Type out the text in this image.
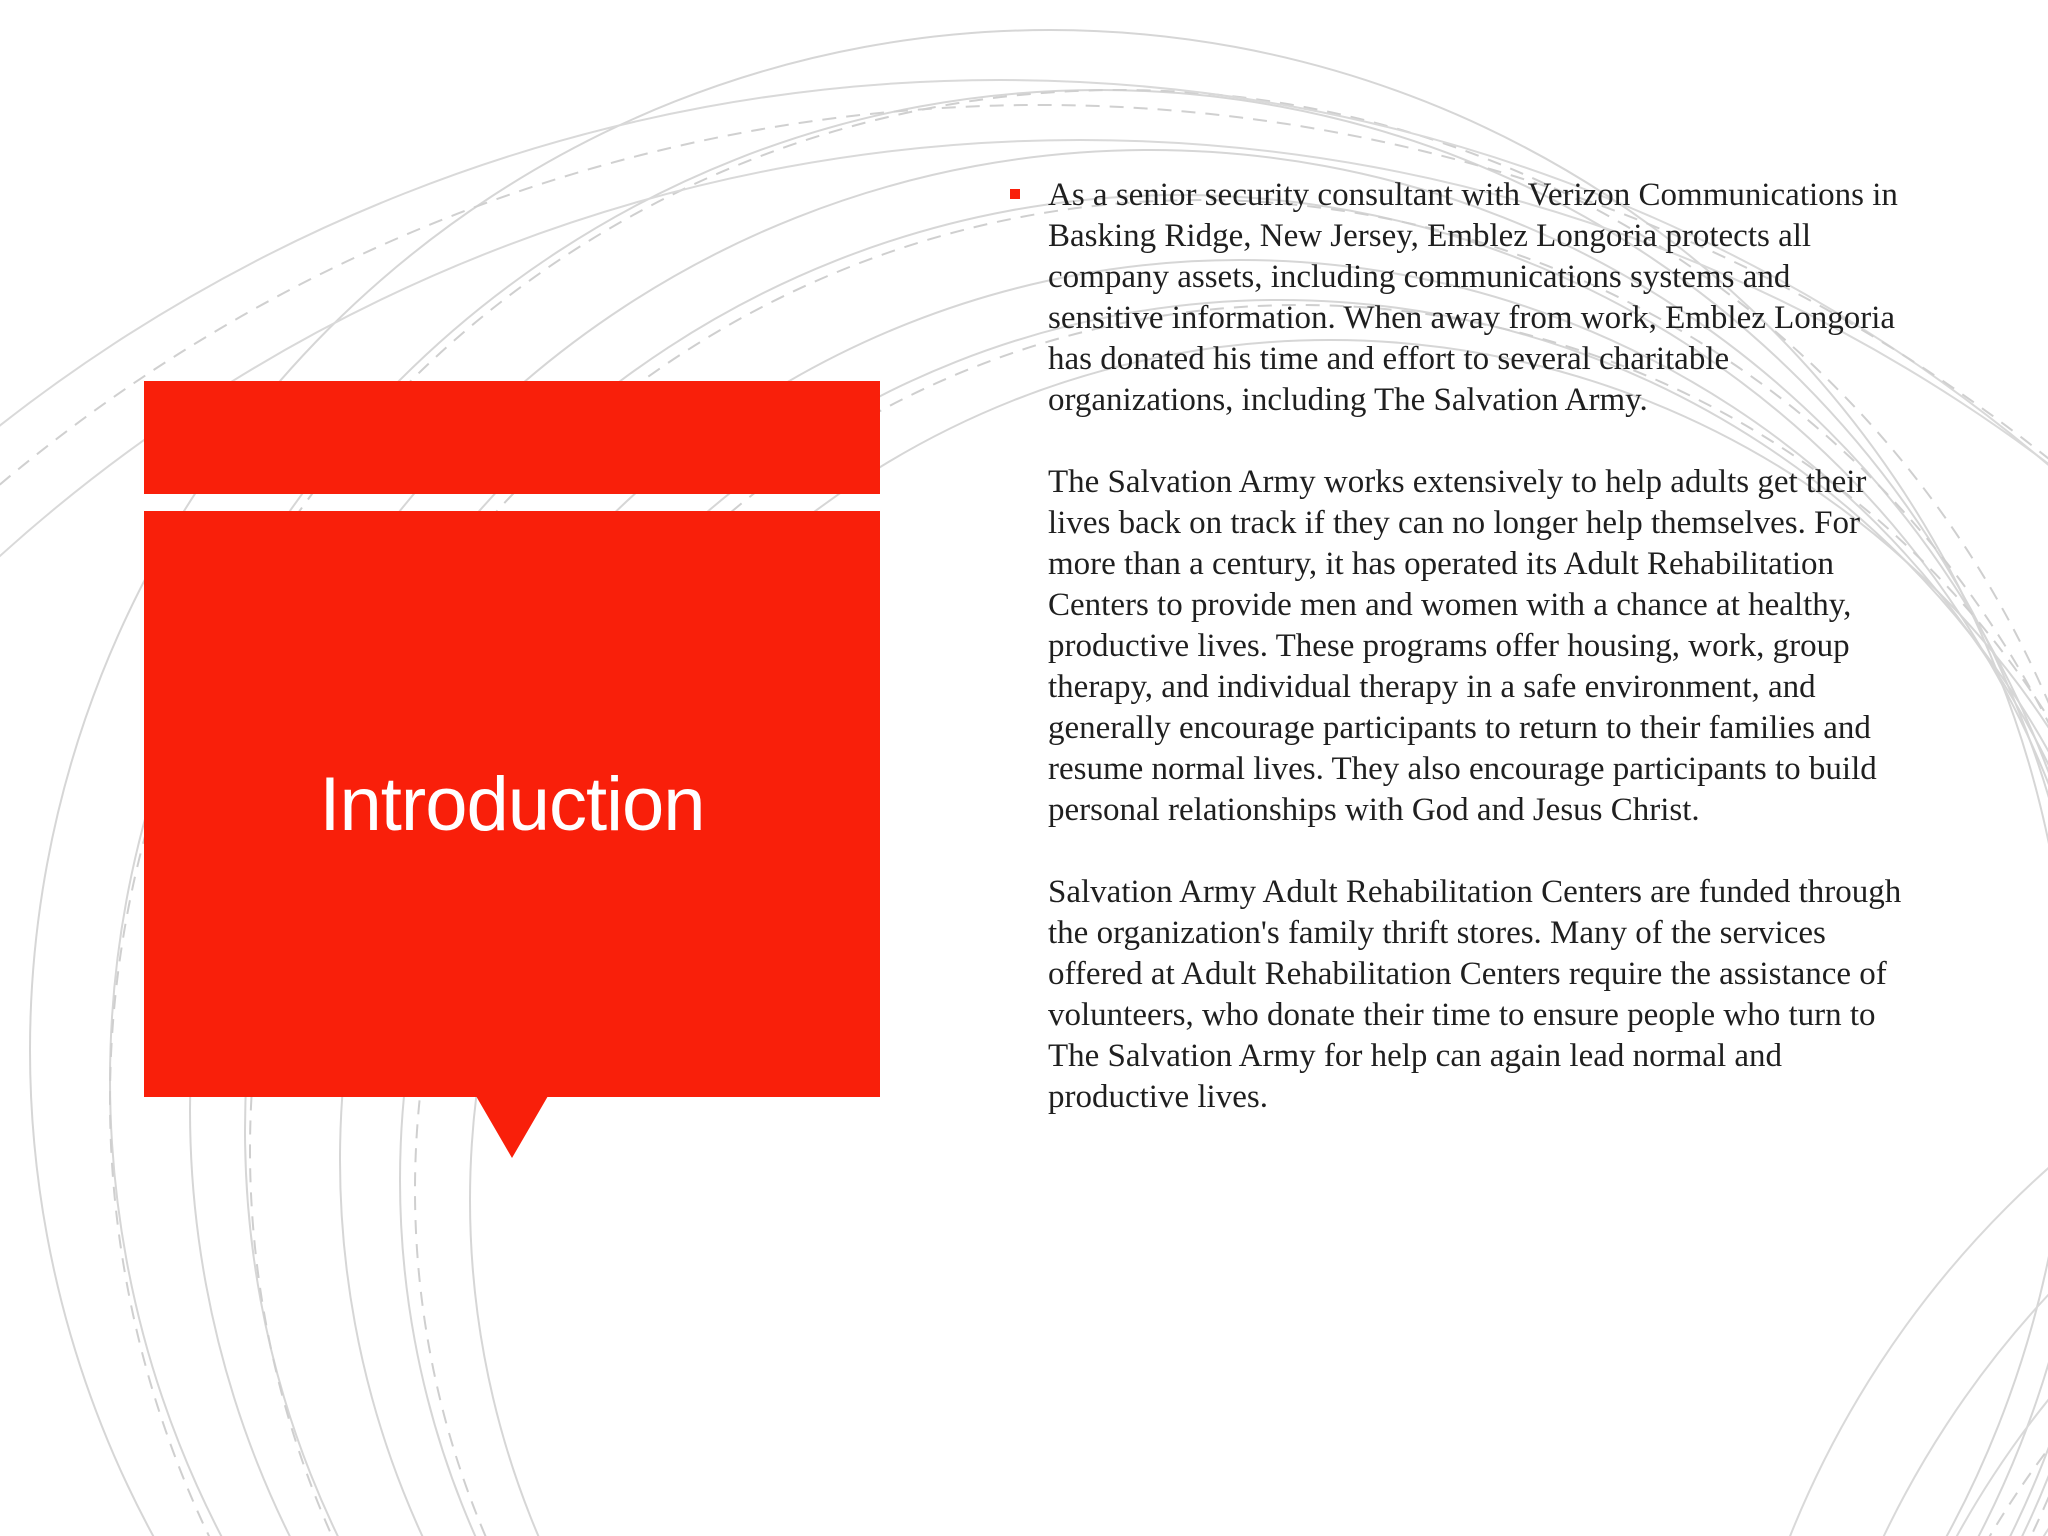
Introduction

As a senior security consultant with Verizon Communications in Basking Ridge, New Jersey, Emblez Longoria protects all company assets, including communications systems and sensitive information. When away from work, Emblez Longoria has donated his time and effort to several charitable organizations, including The Salvation Army.

The Salvation Army works extensively to help adults get their lives back on track if they can no longer help themselves. For more than a century, it has operated its Adult Rehabilitation Centers to provide men and women with a chance at healthy, productive lives. These programs offer housing, work, group therapy, and individual therapy in a safe environment, and generally encourage participants to return to their families and resume normal lives. They also encourage participants to build personal relationships with God and Jesus Christ.

Salvation Army Adult Rehabilitation Centers are funded through the organization's family thrift stores. Many of the services offered at Adult Rehabilitation Centers require the assistance of volunteers, who donate their time to ensure people who turn to The Salvation Army for help can again lead normal and productive lives.
